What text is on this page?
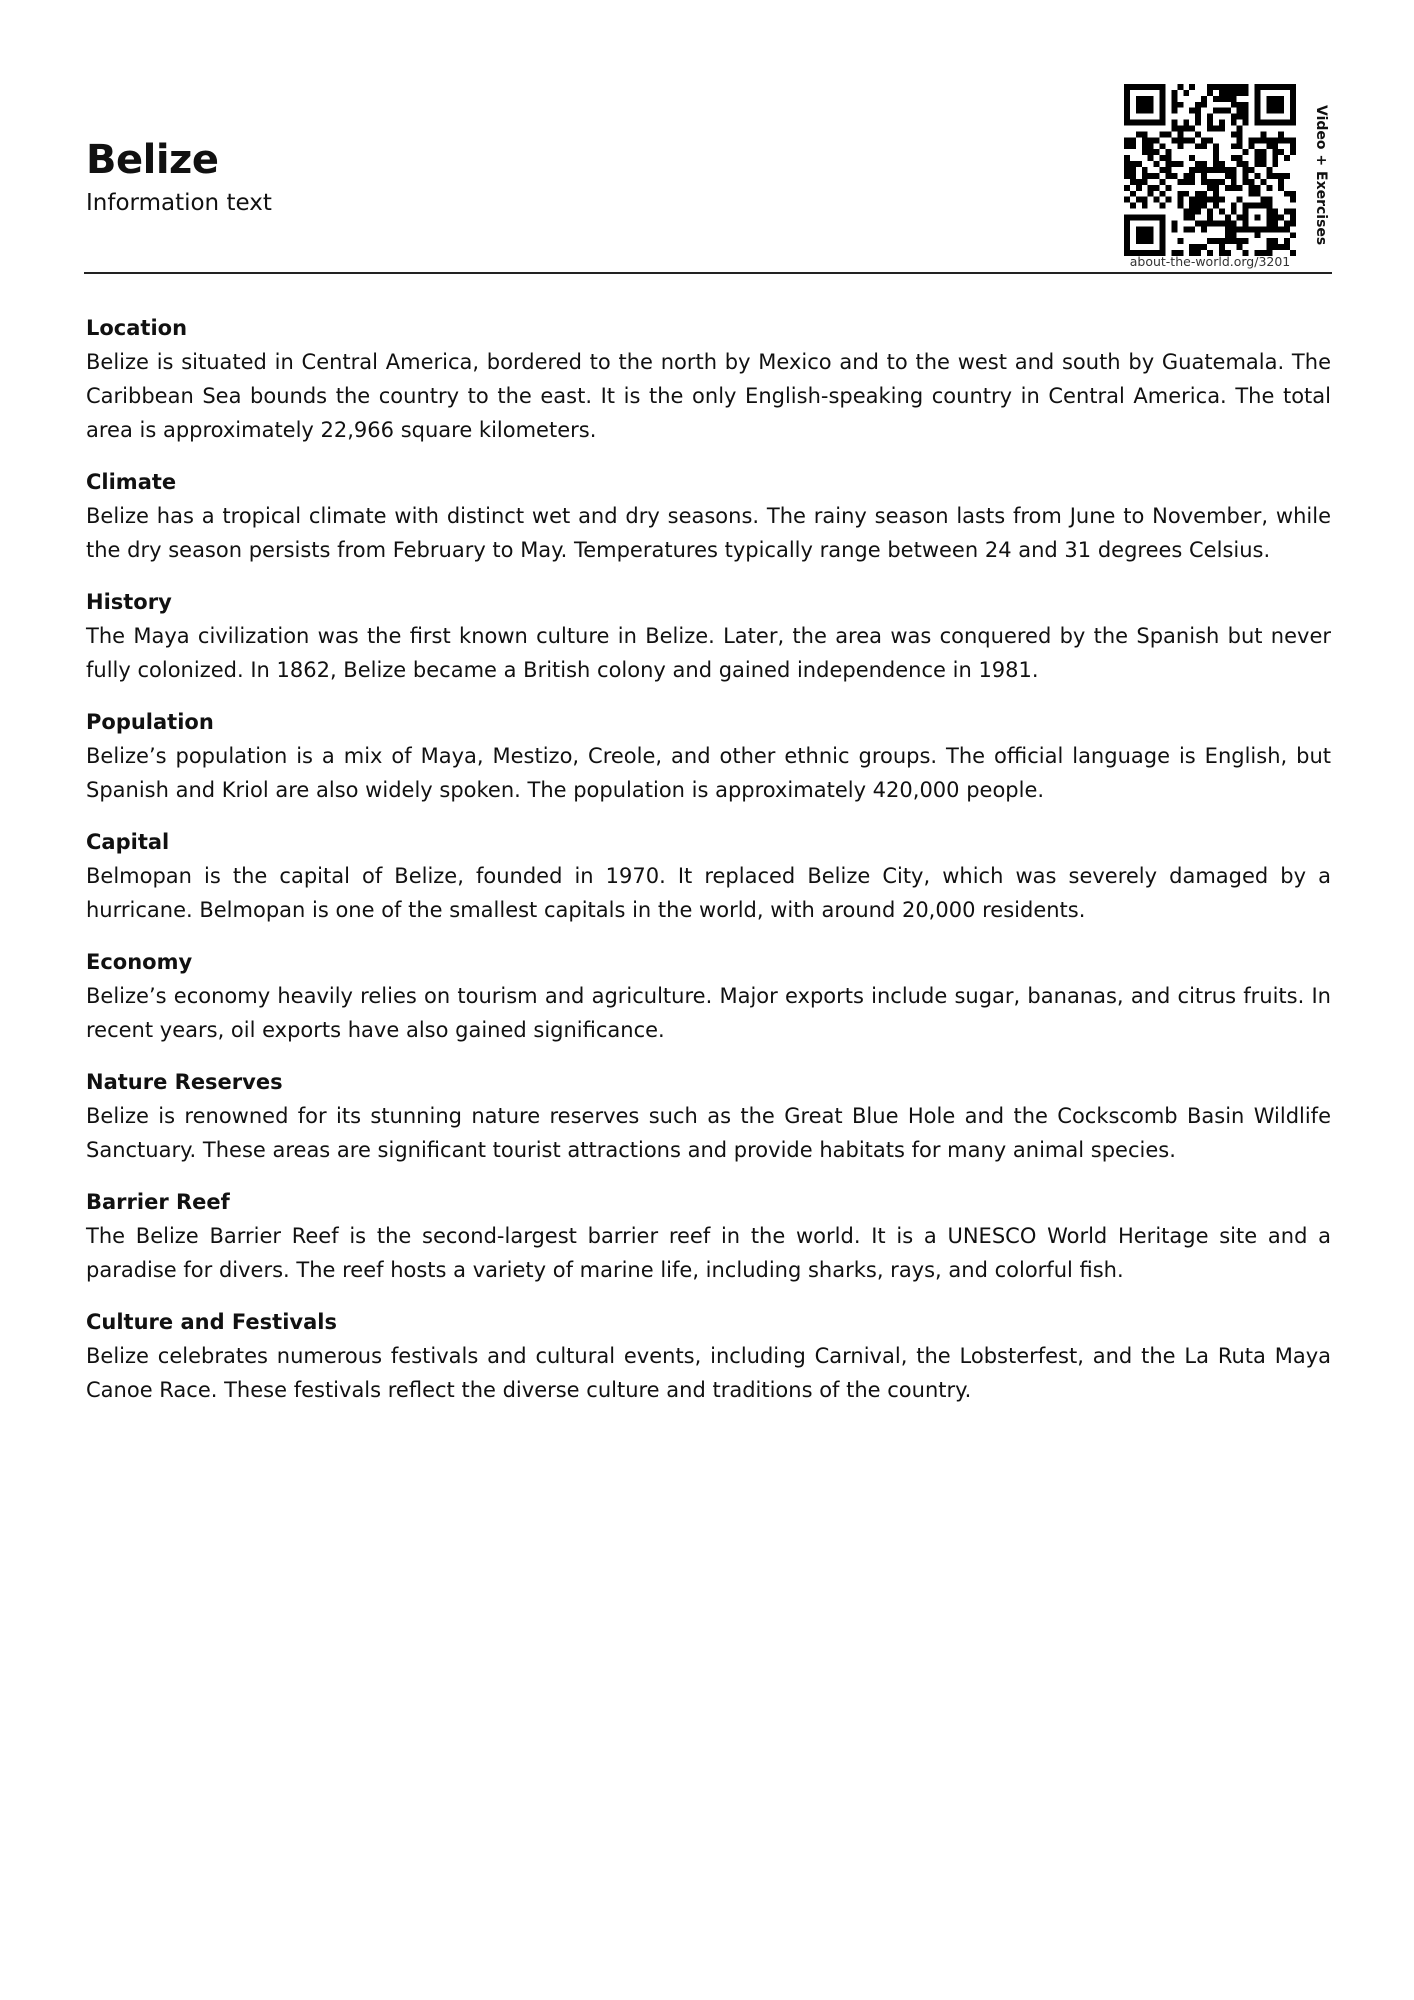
Belize
Information text	Video + Exercises
about-the-world.org/3201
Location

Belize is situated in Central America, bordered to the north by Mexico and to the west and south by Guatemala. The Caribbean Sea bounds the country to the east. It is the only English-speaking country in Central America. The total area is approximately 22,966 square kilometers.

Climate

Belize has a tropical climate with distinct wet and dry seasons. The rainy season lasts from June to November, while the dry season persists from February to May. Temperatures typically range between 24 and 31 degrees Celsius.

History

The Maya civilization was the first known culture in Belize. Later, the area was conquered by the Spanish but never fully colonized. In 1862, Belize became a British colony and gained independence in 1981.

Population

Belize’s population is a mix of Maya, Mestizo, Creole, and other ethnic groups. The official language is English, but Spanish and Kriol are also widely spoken. The population is approximately 420,000 people.

Capital

Belmopan is the capital of Belize, founded in 1970. It replaced Belize City, which was severely damaged by a hurricane. Belmopan is one of the smallest capitals in the world, with around 20,000 residents.

Economy

Belize’s economy heavily relies on tourism and agriculture. Major exports include sugar, bananas, and citrus fruits. In recent years, oil exports have also gained significance.

Nature Reserves

Belize is renowned for its stunning nature reserves such as the Great Blue Hole and the Cockscomb Basin Wildlife Sanctuary. These areas are significant tourist attractions and provide habitats for many animal species.

Barrier Reef

The Belize Barrier Reef is the second-largest barrier reef in the world. It is a UNESCO World Heritage site and a paradise for divers. The reef hosts a variety of marine life, including sharks, rays, and colorful fish.

Culture and Festivals

Belize celebrates numerous festivals and cultural events, including Carnival, the Lobsterfest, and the La Ruta Maya Canoe Race. These festivals reflect the diverse culture and traditions of the country.
